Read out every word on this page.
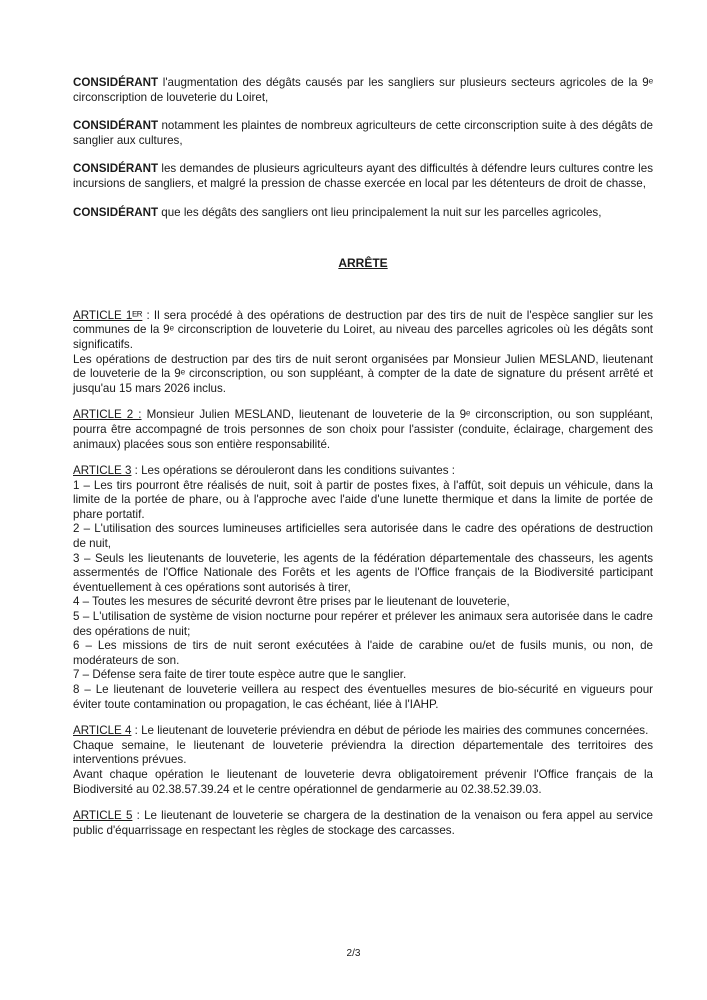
CONSIDÉRANT l'augmentation des dégâts causés par les sangliers sur plusieurs secteurs agricoles de la 9ᵉ circonscription de louveterie du Loiret,

CONSIDÉRANT notamment les plaintes de nombreux agriculteurs de cette circonscription suite à des dégâts de sanglier aux cultures,

CONSIDÉRANT les demandes de plusieurs agriculteurs ayant des difficultés à défendre leurs cultures contre les incursions de sangliers, et malgré la pression de chasse exercée en local par les détenteurs de droit de chasse,

CONSIDÉRANT que les dégâts des sangliers ont lieu principalement la nuit sur les parcelles agricoles,

ARRÊTE

ARTICLE 1ᴱᴿ : Il sera procédé à des opérations de destruction par des tirs de nuit de l'espèce sanglier sur les communes de la 9ᵉ circonscription de louveterie du Loiret, au niveau des parcelles agricoles où les dégâts sont significatifs.

Les opérations de destruction par des tirs de nuit seront organisées par Monsieur Julien MESLAND, lieutenant de louveterie de la 9ᵉ circonscription, ou son suppléant, à compter de la date de signature du présent arrêté et jusqu'au 15 mars 2026 inclus.

ARTICLE 2 : Monsieur Julien MESLAND, lieutenant de louveterie de la 9ᵉ circonscription, ou son suppléant, pourra être accompagné de trois personnes de son choix pour l'assister (conduite, éclairage, chargement des animaux) placées sous son entière responsabilité.

ARTICLE 3 : Les opérations se dérouleront dans les conditions suivantes :

1 – Les tirs pourront être réalisés de nuit, soit à partir de postes fixes, à l'affût, soit depuis un véhicule, dans la limite de la portée de phare, ou à l'approche avec l'aide d'une lunette thermique et dans la limite de portée de phare portatif.

2 – L'utilisation des sources lumineuses artificielles sera autorisée dans le cadre des opérations de destruction de nuit,

3 – Seuls les lieutenants de louveterie, les agents de la fédération départementale des chasseurs, les agents assermentés de l'Office Nationale des Forêts et les agents de l'Office français de la Biodiversité participant éventuellement à ces opérations sont autorisés à tirer,

4 – Toutes les mesures de sécurité devront être prises par le lieutenant de louveterie,

5 – L'utilisation de système de vision nocturne pour repérer et prélever les animaux sera autorisée dans le cadre des opérations de nuit;

6 – Les missions de tirs de nuit seront exécutées à l'aide de carabine ou/et de fusils munis, ou non, de modérateurs de son.

7 – Défense sera faite de tirer toute espèce autre que le sanglier.

8 – Le lieutenant de louveterie veillera au respect des éventuelles mesures de bio-sécurité en vigueurs pour éviter toute contamination ou propagation, le cas échéant, liée à l'IAHP.

ARTICLE 4 : Le lieutenant de louveterie préviendra en début de période les mairies des communes concernées.

Chaque semaine, le lieutenant de louveterie préviendra la direction départementale des territoires des interventions prévues.

Avant chaque opération le lieutenant de louveterie devra obligatoirement prévenir l'Office français de la Biodiversité au 02.38.57.39.24 et le centre opérationnel de gendarmerie au 02.38.52.39.03.

ARTICLE 5 : Le lieutenant de louveterie se chargera de la destination de la venaison ou fera appel au service public d'équarrissage en respectant les règles de stockage des carcasses.

2/3
